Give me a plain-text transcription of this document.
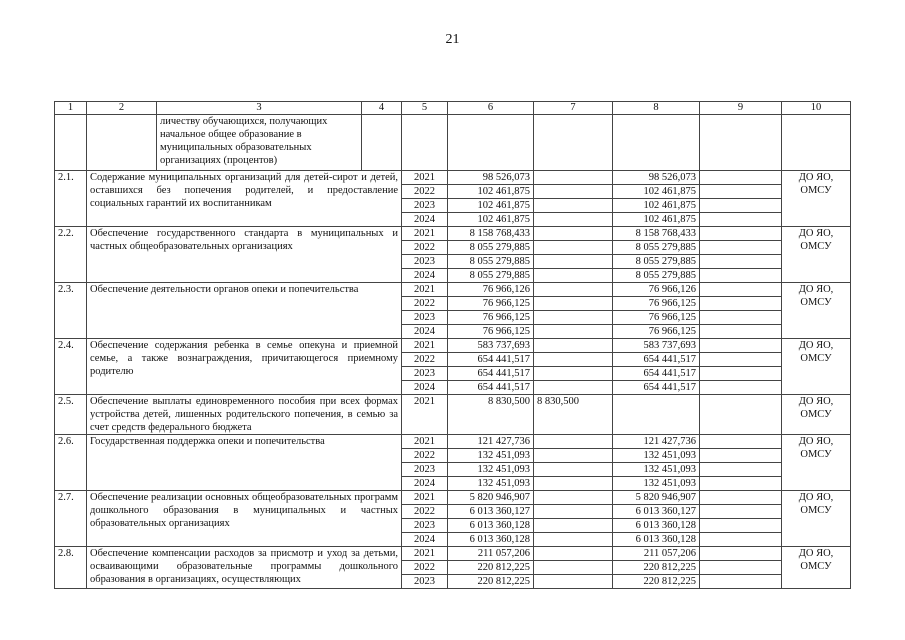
21
1	2	3	4	5	6	7	8	9	10
		личеству обучающихся, получающих начальное общее образование в муниципальных образовательных организациях (процентов)							
2.1.	Содержание муниципальных организаций для детей-сирот и детей, оставшихся без попечения родителей, и предоставление социальных гарантий их воспитанникам			2021	98 526,073		98 526,073		ДО ЯО, ОМСУ
				2022	102 461,875		102 461,875		
				2023	102 461,875		102 461,875		
				2024	102 461,875		102 461,875		
2.2.	Обеспечение государственного стандарта в муниципальных и частных общеобразовательных организациях			2021	8 158 768,433		8 158 768,433		ДО ЯО, ОМСУ
				2022	8 055 279,885		8 055 279,885		
				2023	8 055 279,885		8 055 279,885		
				2024	8 055 279,885		8 055 279,885		
2.3.	Обеспечение деятельности органов опеки и попечительства			2021	76 966,126		76 966,126		ДО ЯО, ОМСУ
				2022	76 966,125		76 966,125		
				2023	76 966,125		76 966,125		
				2024	76 966,125		76 966,125		
2.4.	Обеспечение содержания ребенка в семье опекуна и приемной семье, а также вознаграждения, причитающегося приемному родителю			2021	583 737,693		583 737,693		ДО ЯО, ОМСУ
				2022	654 441,517		654 441,517		
				2023	654 441,517		654 441,517		
				2024	654 441,517		654 441,517		
2.5.	Обеспечение выплаты единовременного пособия при всех формах устройства детей, лишенных родительского попечения, в семью за счет средств федерального бюджета			2021	8 830,500	8 830,500			ДО ЯО, ОМСУ
2.6.	Государственная поддержка опеки и попечительства			2021	121 427,736		121 427,736		ДО ЯО, ОМСУ
				2022	132 451,093		132 451,093		
				2023	132 451,093		132 451,093		
				2024	132 451,093		132 451,093		
2.7.	Обеспечение реализации основных общеобразовательных программ дошкольного образования в муниципальных и частных образовательных организациях			2021	5 820 946,907		5 820 946,907		ДО ЯО, ОМСУ
				2022	6 013 360,127		6 013 360,127		
				2023	6 013 360,128		6 013 360,128		
				2024	6 013 360,128		6 013 360,128		
2.8.	Обеспечение компенсации расходов за присмотр и уход за детьми, осваивающими образовательные программы дошкольного образования в организациях, осуществляющих			2021	211 057,206		211 057,206		ДО ЯО, ОМСУ
				2022	220 812,225		220 812,225		
				2023	220 812,225		220 812,225		
